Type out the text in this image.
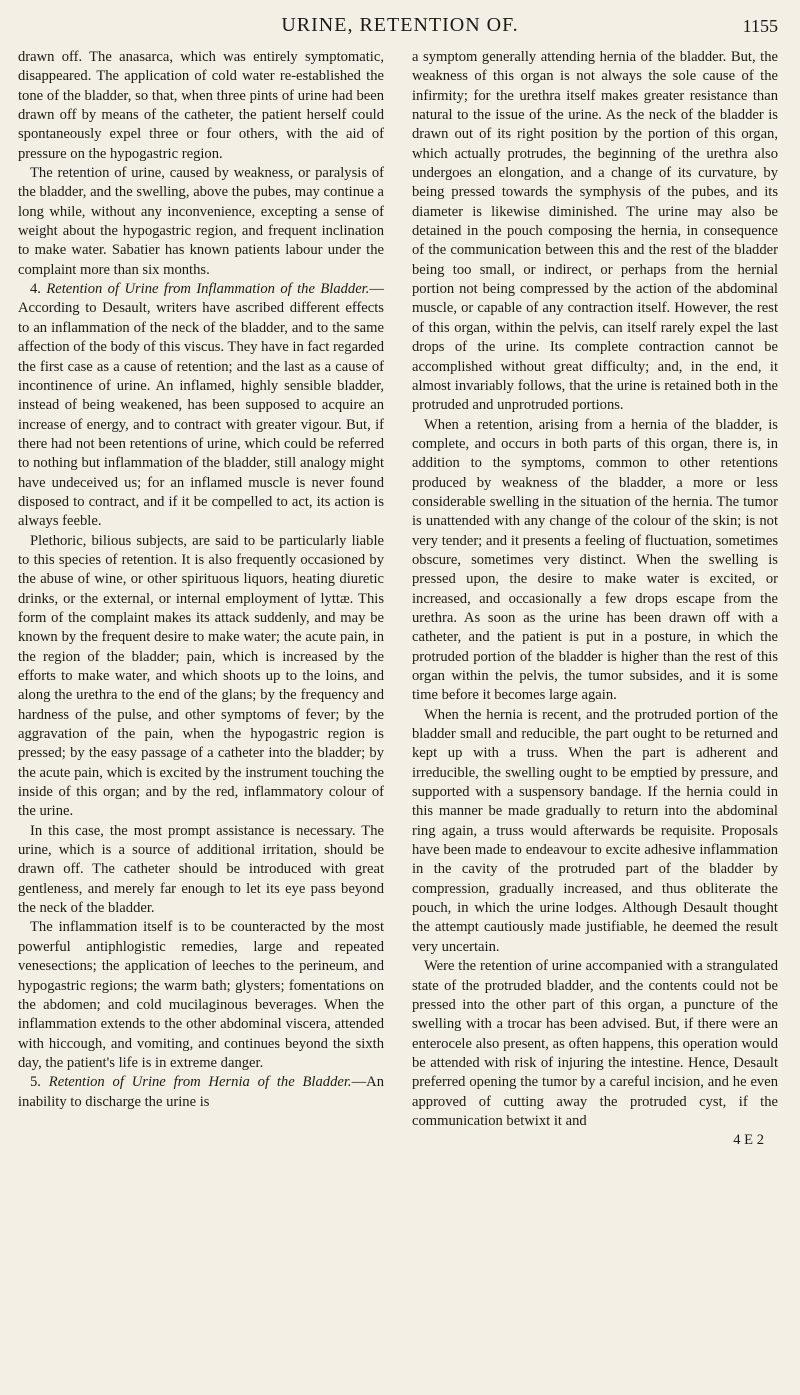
URINE, RETENTION OF.	1155

drawn off. The anasarca, which was entirely symptomatic, disappeared. The application of cold water re-established the tone of the bladder, so that, when three pints of urine had been drawn off by means of the catheter, the patient herself could spontaneously expel three or four others, with the aid of pressure on the hypogastric region.

The retention of urine, caused by weakness, or paralysis of the bladder, and the swelling, above the pubes, may continue a long while, without any inconvenience, excepting a sense of weight about the hypogastric region, and frequent inclination to make water. Sabatier has known patients labour under the complaint more than six months.

4. Retention of Urine from Inflammation of the Bladder.—According to Desault, writers have ascribed different effects to an inflammation of the neck of the bladder, and to the same affection of the body of this viscus. They have in fact regarded the first case as a cause of retention; and the last as a cause of incontinence of urine. An inflamed, highly sensible bladder, instead of being weakened, has been supposed to acquire an increase of energy, and to contract with greater vigour. But, if there had not been retentions of urine, which could be referred to nothing but inflammation of the bladder, still analogy might have undeceived us; for an inflamed muscle is never found disposed to contract, and if it be compelled to act, its action is always feeble.

Plethoric, bilious subjects, are said to be particularly liable to this species of retention. It is also frequently occasioned by the abuse of wine, or other spirituous liquors, heating diuretic drinks, or the external, or internal employment of lyttæ. This form of the complaint makes its attack suddenly, and may be known by the frequent desire to make water; the acute pain, in the region of the bladder; pain, which is increased by the efforts to make water, and which shoots up to the loins, and along the urethra to the end of the glans; by the frequency and hardness of the pulse, and other symptoms of fever; by the aggravation of the pain, when the hypogastric region is pressed; by the easy passage of a catheter into the bladder; by the acute pain, which is excited by the instrument touching the inside of this organ; and by the red, inflammatory colour of the urine.

In this case, the most prompt assistance is necessary. The urine, which is a source of additional irritation, should be drawn off. The catheter should be introduced with great gentleness, and merely far enough to let its eye pass beyond the neck of the bladder.

The inflammation itself is to be counteracted by the most powerful antiphlogistic remedies, large and repeated venesections; the application of leeches to the perineum, and hypogastric regions; the warm bath; glysters; fomentations on the abdomen; and cold mucilaginous beverages. When the inflammation extends to the other abdominal viscera, attended with hiccough, and vomiting, and continues beyond the sixth day, the patient's life is in extreme danger.

5. Retention of Urine from Hernia of the Bladder.—An inability to discharge the urine is

a symptom generally attending hernia of the bladder. But, the weakness of this organ is not always the sole cause of the infirmity; for the urethra itself makes greater resistance than natural to the issue of the urine. As the neck of the bladder is drawn out of its right position by the portion of this organ, which actually protrudes, the beginning of the urethra also undergoes an elongation, and a change of its curvature, by being pressed towards the symphysis of the pubes, and its diameter is likewise diminished. The urine may also be detained in the pouch composing the hernia, in consequence of the communication between this and the rest of the bladder being too small, or indirect, or perhaps from the hernial portion not being compressed by the action of the abdominal muscle, or capable of any contraction itself. However, the rest of this organ, within the pelvis, can itself rarely expel the last drops of the urine. Its complete contraction cannot be accomplished without great difficulty; and, in the end, it almost invariably follows, that the urine is retained both in the protruded and unprotruded portions.

When a retention, arising from a hernia of the bladder, is complete, and occurs in both parts of this organ, there is, in addition to the symptoms, common to other retentions produced by weakness of the bladder, a more or less considerable swelling in the situation of the hernia. The tumor is unattended with any change of the colour of the skin; is not very tender; and it presents a feeling of fluctuation, sometimes obscure, sometimes very distinct. When the swelling is pressed upon, the desire to make water is excited, or increased, and occasionally a few drops escape from the urethra. As soon as the urine has been drawn off with a catheter, and the patient is put in a posture, in which the protruded portion of the bladder is higher than the rest of this organ within the pelvis, the tumor subsides, and it is some time before it becomes large again.

When the hernia is recent, and the protruded portion of the bladder small and reducible, the part ought to be returned and kept up with a truss. When the part is adherent and irreducible, the swelling ought to be emptied by pressure, and supported with a suspensory bandage. If the hernia could in this manner be made gradually to return into the abdominal ring again, a truss would afterwards be requisite. Proposals have been made to endeavour to excite adhesive inflammation in the cavity of the protruded part of the bladder by compression, gradually increased, and thus obliterate the pouch, in which the urine lodges. Although Desault thought the attempt cautiously made justifiable, he deemed the result very uncertain.

Were the retention of urine accompanied with a strangulated state of the protruded bladder, and the contents could not be pressed into the other part of this organ, a puncture of the swelling with a trocar has been advised. But, if there were an enterocele also present, as often happens, this operation would be attended with risk of injuring the intestine. Hence, Desault preferred opening the tumor by a careful incision, and he even approved of cutting away the protruded cyst, if the communication betwixt it and

4 E 2
